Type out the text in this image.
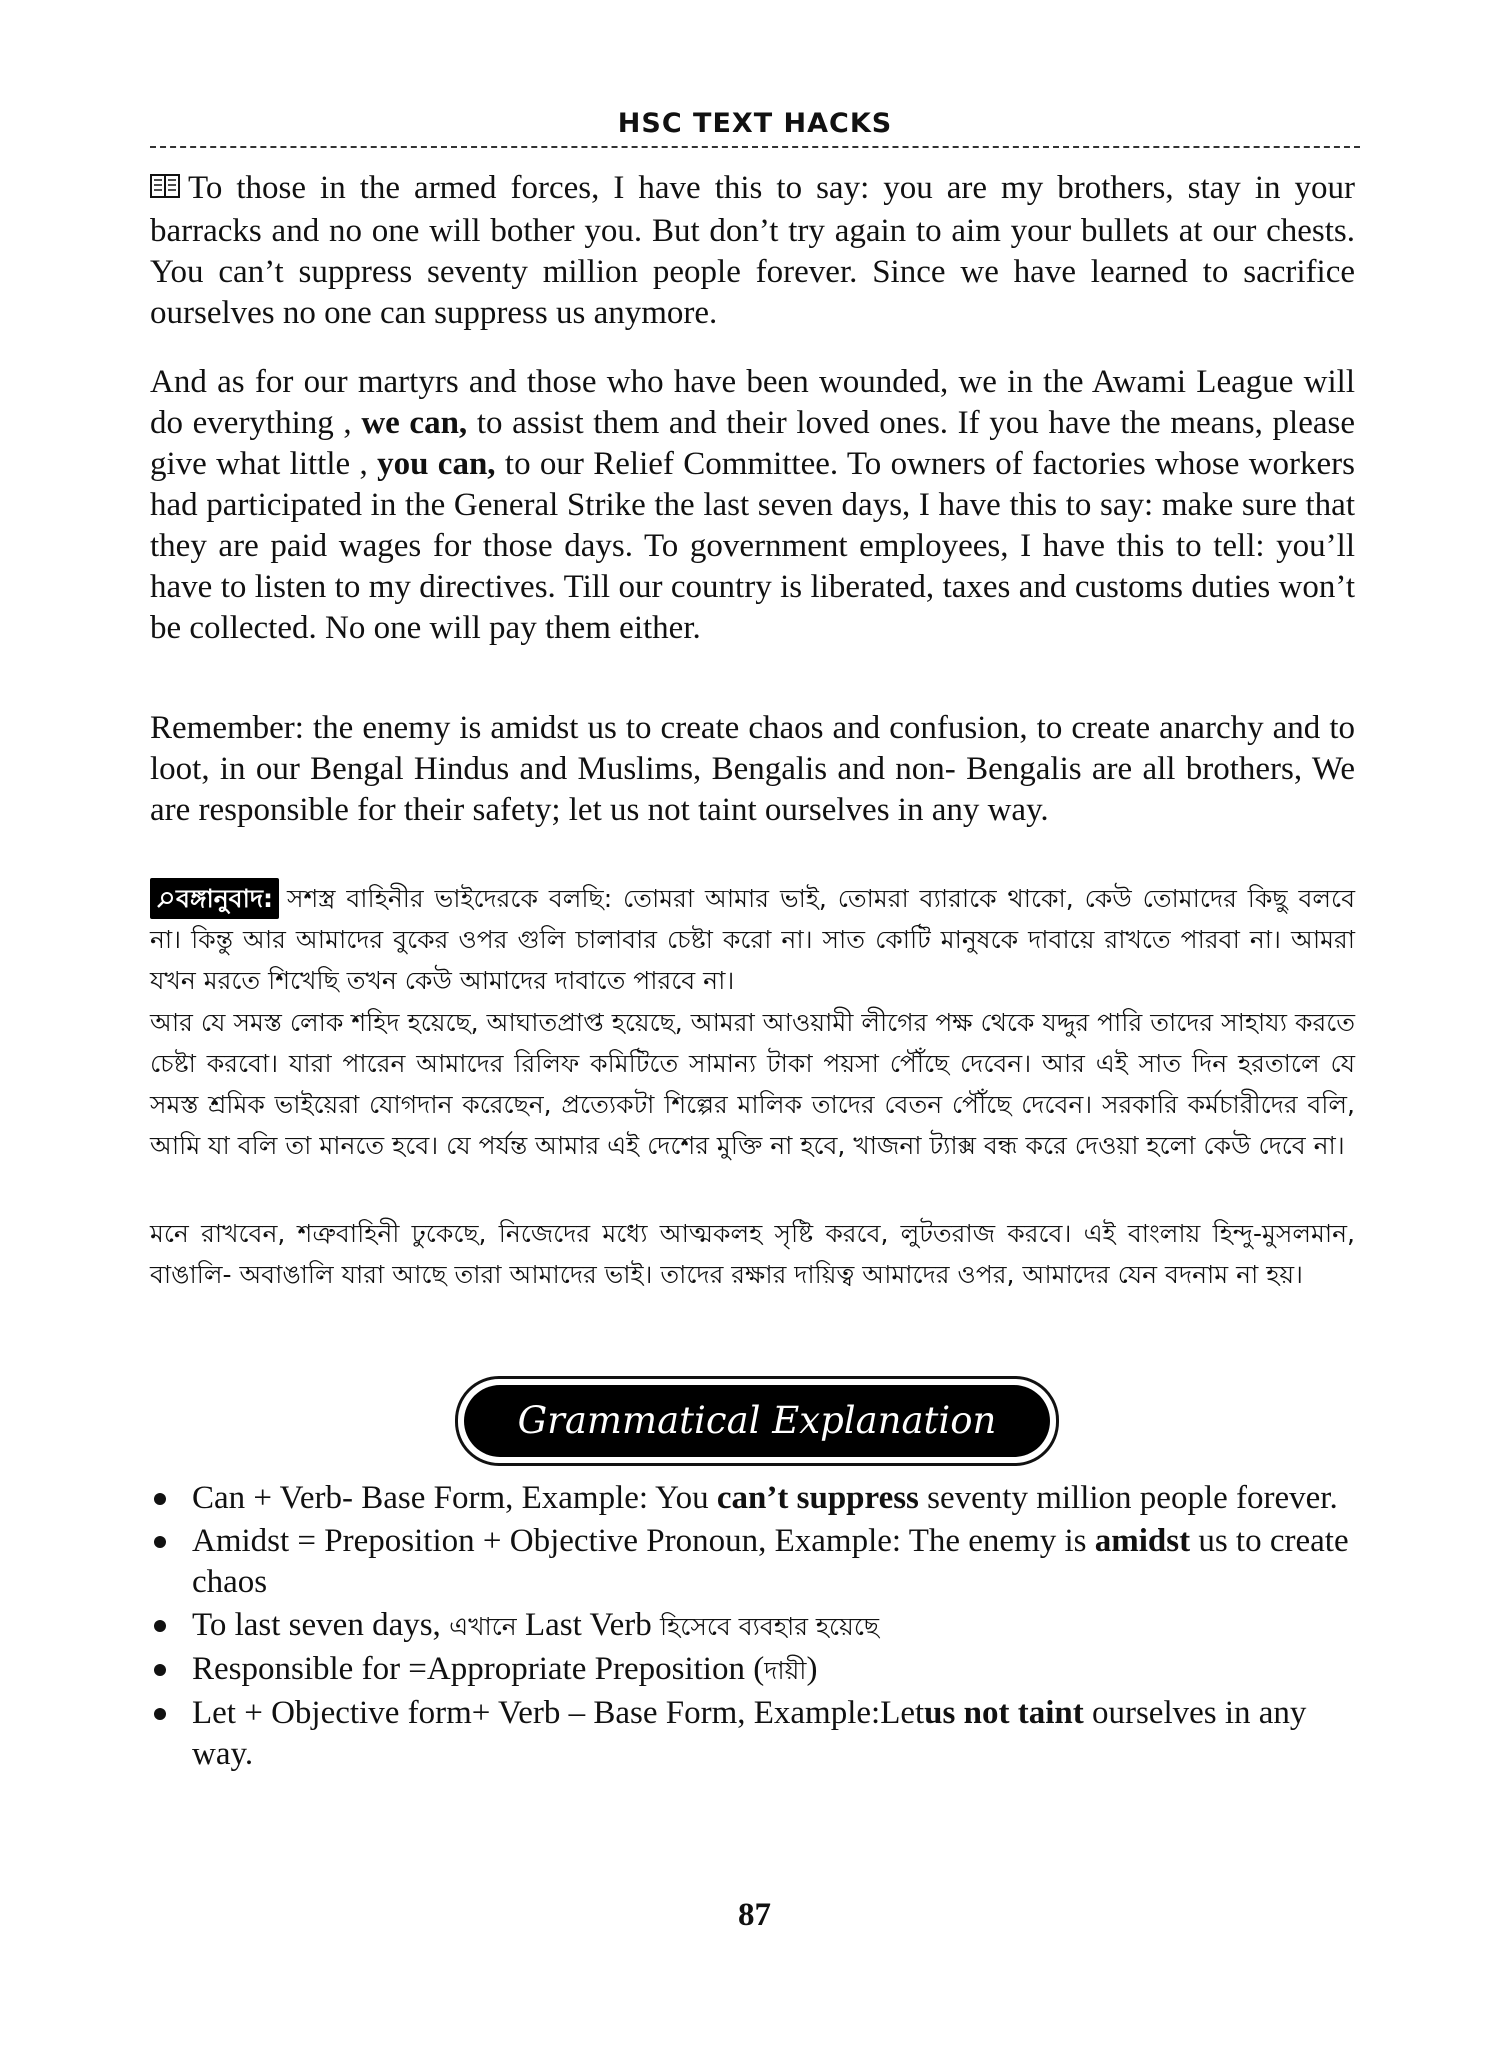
HSC TEXT HACKS

To those in the armed forces, I have this to say: you are my brothers, stay in your barracks and no one will bother you. But don’t try again to aim your bullets at our chests. You can’t suppress seventy million people forever. Since we have learned to sacrifice ourselves no one can suppress us anymore.

And as for our martyrs and those who have been wounded, we in the Awami League will do everything , we can, to assist them and their loved ones. If you have the means, please give what little , you can, to our Relief Committee. To owners of factories whose workers had participated in the General Strike the last seven days, I have this to say: make sure that they are paid wages for those days. To government employees, I have this to tell: you’ll have to listen to my directives. Till our country is liberated, taxes and customs duties won’t be collected. No one will pay them either.

Remember: the enemy is amidst us to create chaos and confusion, to create anarchy and to loot, in our Bengal Hindus and Muslims, Bengalis and non- Bengalis are all brothers, We are responsible for their safety; let us not taint ourselves in any way.

বঙ্গানুবাদ: সশস্ত্র বাহিনীর ভাইদেরকে বলছি: তোমরা আমার ভাই, তোমরা ব্যারাকে থাকো, কেউ তোমাদের কিছু বলবে না। কিন্তু আর আমাদের বুকের ওপর গুলি চালাবার চেষ্টা করো না। সাত কোটি মানুষকে দাবায়ে রাখতে পারবা না। আমরা যখন মরতে শিখেছি তখন কেউ আমাদের দাবাতে পারবে না।

আর যে সমস্ত লোক শহিদ হয়েছে, আঘাতপ্রাপ্ত হয়েছে, আমরা আওয়ামী লীগের পক্ষ থেকে যদ্দুর পারি তাদের সাহায্য করতে চেষ্টা করবো। যারা পারেন আমাদের রিলিফ কমিটিতে সামান্য টাকা পয়সা পৌঁছে দেবেন। আর এই সাত দিন হরতালে যে সমস্ত শ্রমিক ভাইয়েরা যোগদান করেছেন, প্রত্যেকটা শিল্পের মালিক তাদের বেতন পৌঁছে দেবেন। সরকারি কর্মচারীদের বলি, আমি যা বলি তা মানতে হবে। যে পর্যন্ত আমার এই দেশের মুক্তি না হবে, খাজনা ট্যাক্স বন্ধ করে দেওয়া হলো কেউ দেবে না।

মনে রাখবেন, শত্রুবাহিনী ঢুকেছে, নিজেদের মধ্যে আত্মকলহ সৃষ্টি করবে, লুটতরাজ করবে। এই বাংলায় হিন্দু-মুসলমান, বাঙালি- অবাঙালি যারা আছে তারা আমাদের ভাই। তাদের রক্ষার দায়িত্ব আমাদের ওপর, আমাদের যেন বদনাম না হয়।

Grammatical Explanation
Can + Verb- Base Form, Example: You can’t suppress seventy million people forever.
Amidst = Preposition + Objective Pronoun, Example: The enemy is amidst us to create chaos
To last seven days, এখানে Last Verb হিসেবে ব্যবহার হয়েছে
Responsible for =Appropriate Preposition (দায়ী)
Let + Objective form+ Verb – Base Form, Example:Letus not taint ourselves in any way.
87
